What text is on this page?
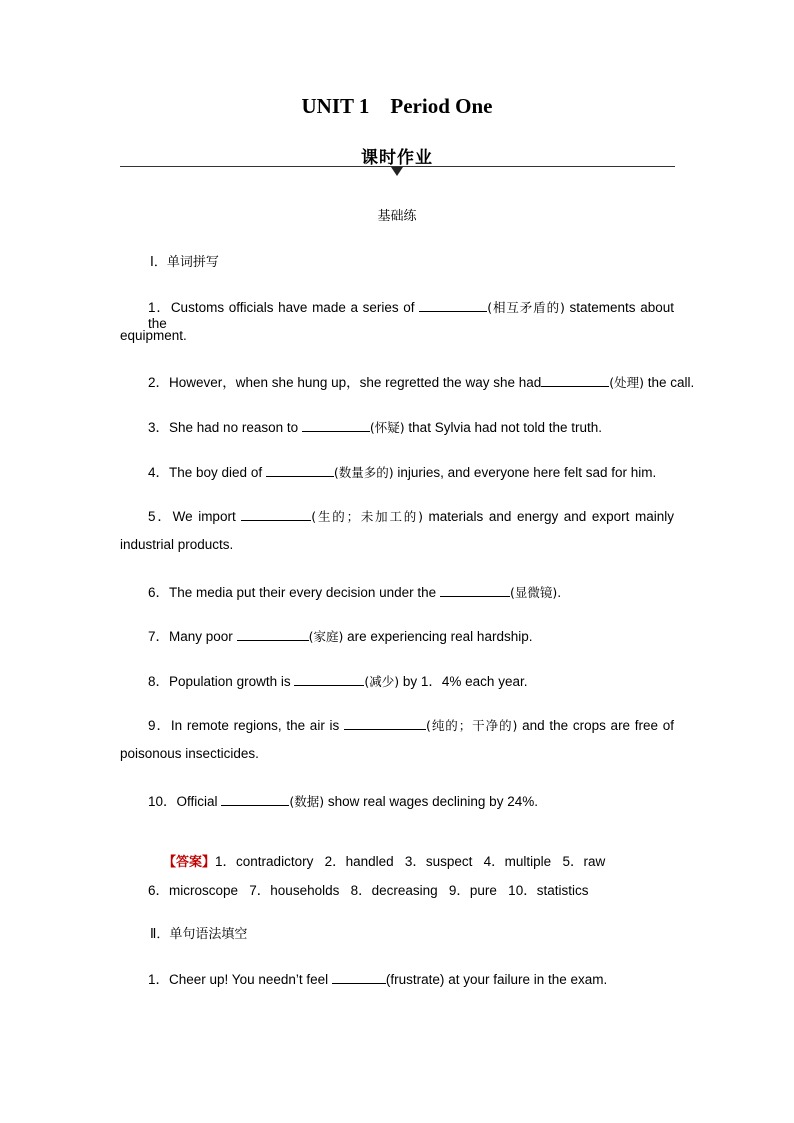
UNIT 1    Period One
课时作业
基础练
Ⅰ．单词拼写
1．Customs officials have made a series of	(相互矛盾的) statements about the
equipment.
2．However，when she hung up，she regretted the way she had	(处理) the call.
3．She had no reason to	(怀疑) that Sylvia had not told the truth.
4．The boy died of	(数量多的) injuries, and everyone here felt sad for him.
5．We import	(生的；未加工的) materials and energy and export mainly
industrial products.
6．The media put their every decision under the	(显微镜).
7．Many poor	(家庭) are experiencing real hardship.
8．Population growth is	(减少) by 1．4% each year.
9．In remote regions, the air is	(纯的；干净的) and the crops are free of
poisonous insecticides.
10．Official	(数据) show real wages declining by 24%.

【答案】1．contradictory   2．handled   3．suspect   4．multiple   5．raw

6．microscope   7．households   8．decreasing   9．pure   10．statistics
Ⅱ．单句语法填空
1．Cheer up! You needn’t feel	(frustrate) at your failure in the exam.
